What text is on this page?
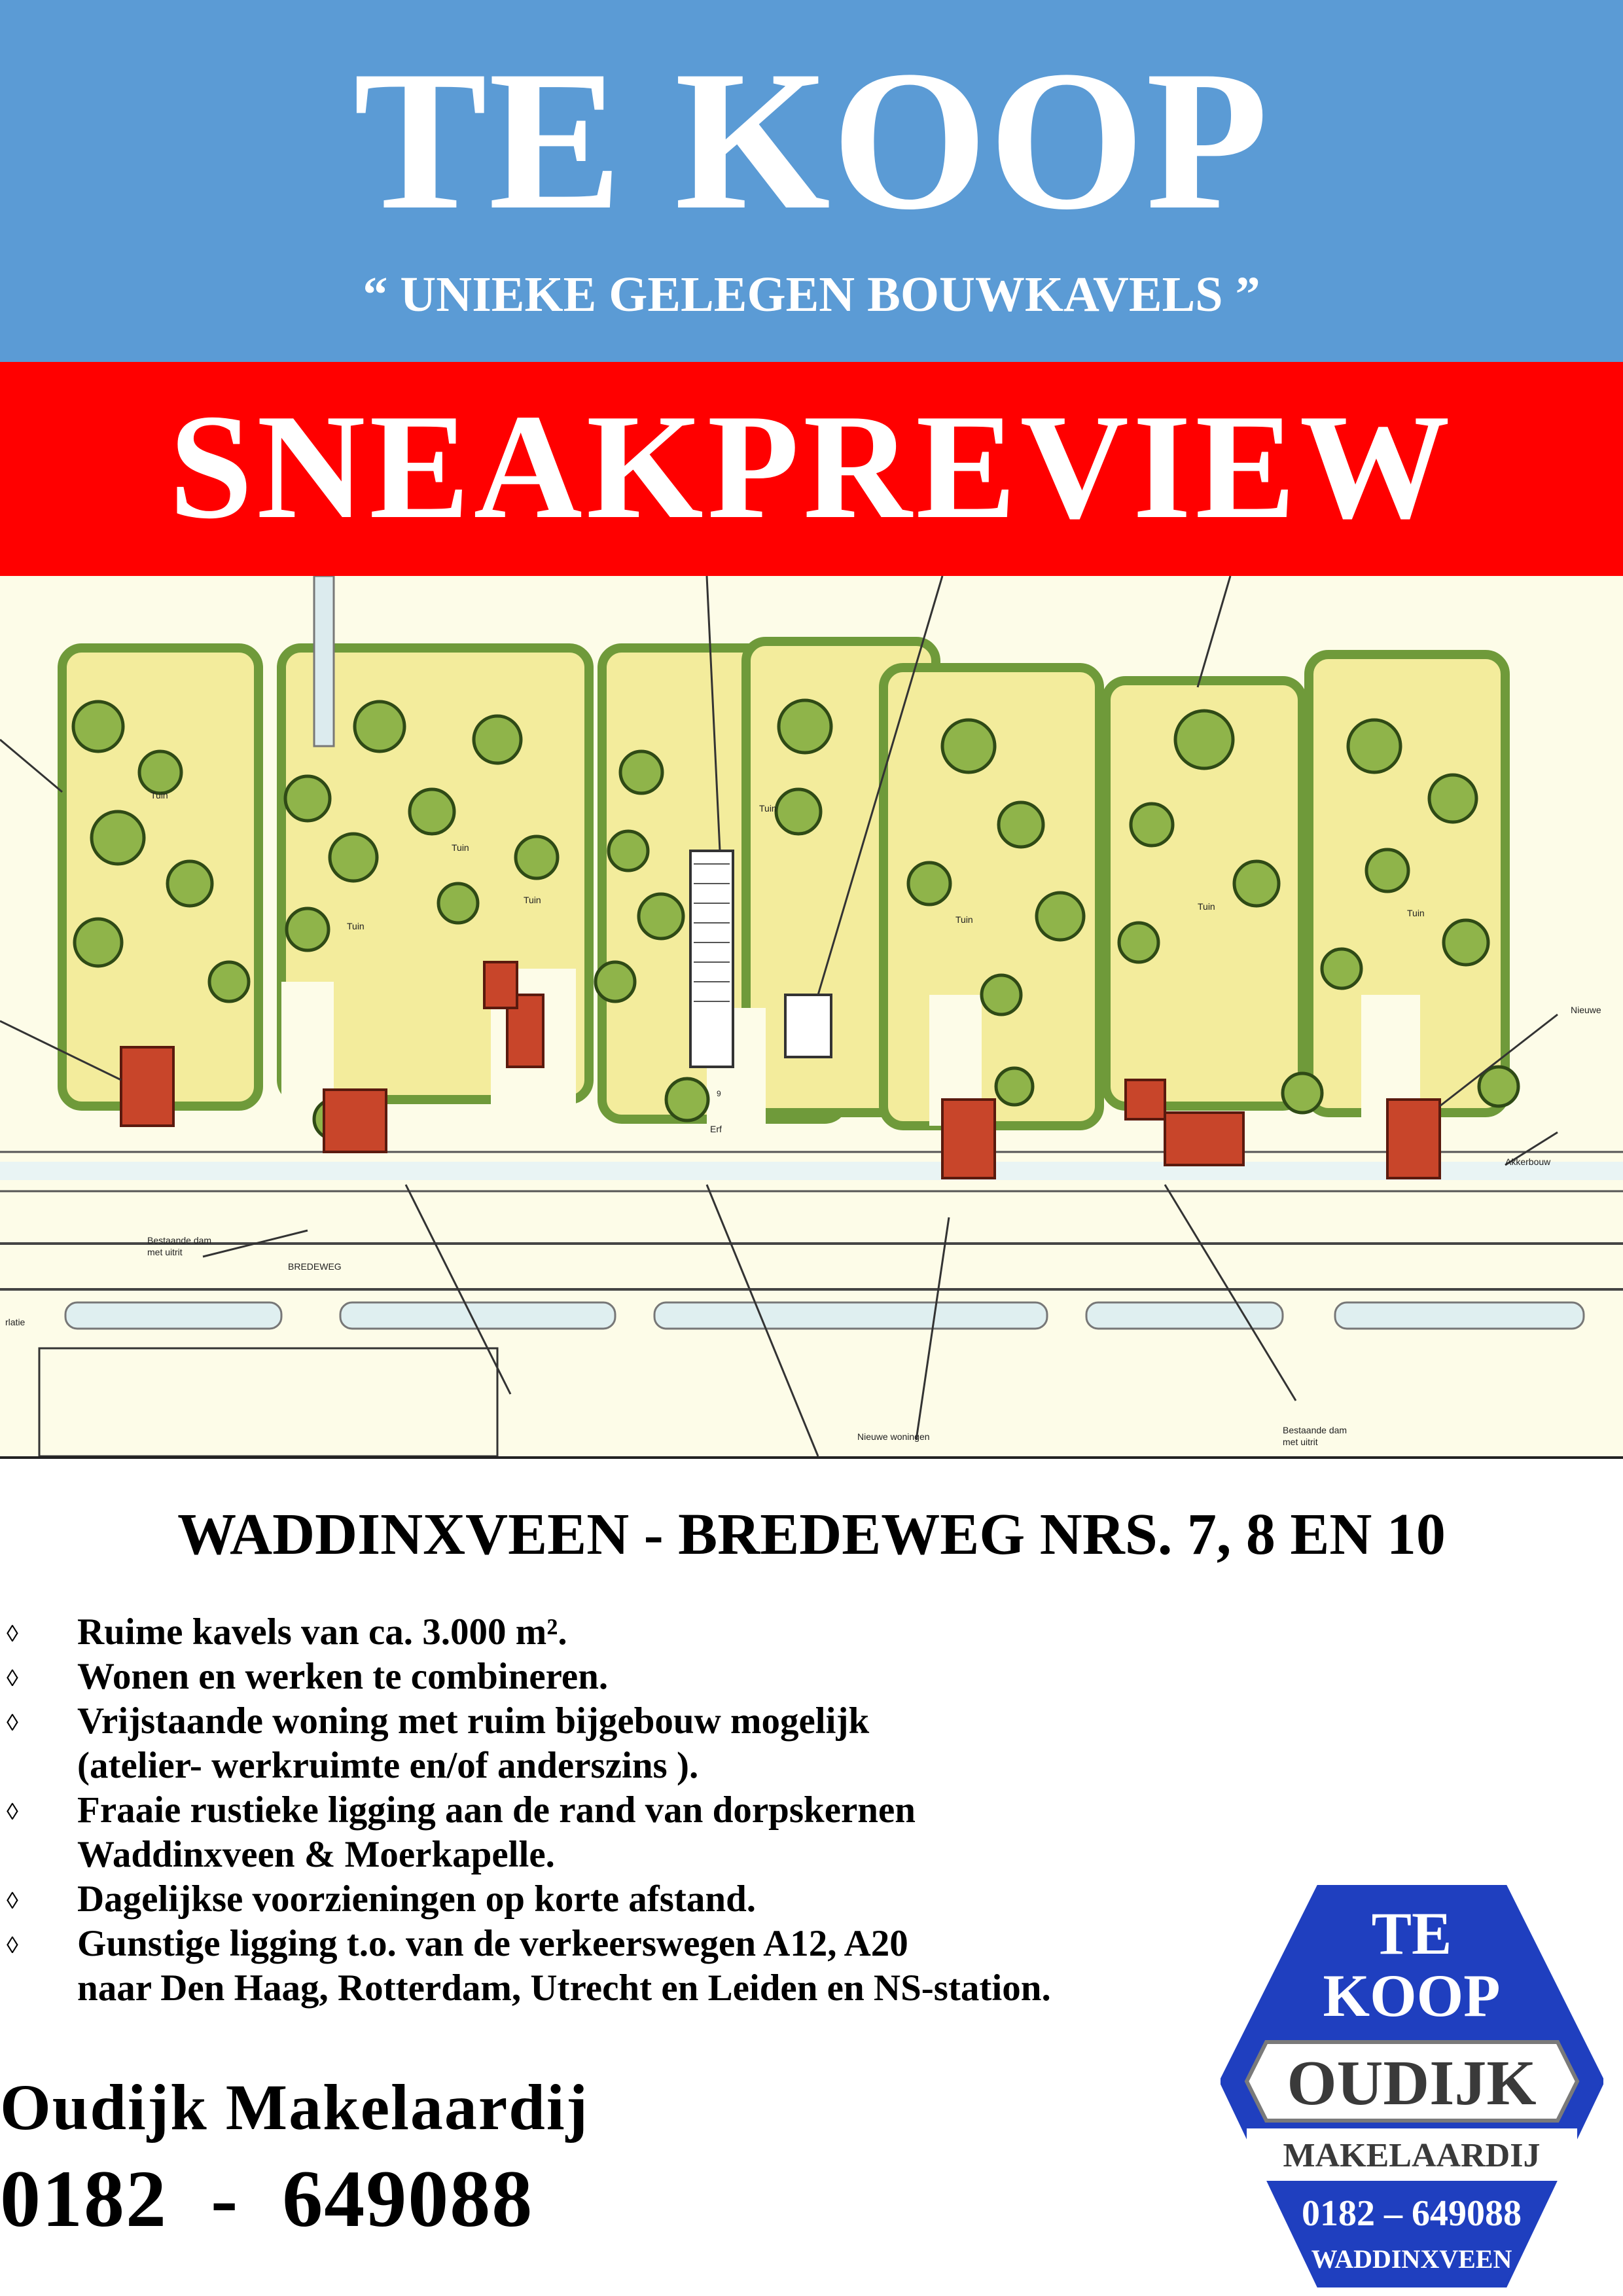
TE KOOP
“ UNIEKE GELEGEN BOUWKAVELS ”
SNEAKPREVIEW
Tuin
Tuin
Tuin
Tuin
Tuin
Tuin
Tuin
Tuin
Erf
9
Bestaande dam
met uitrit
BREDEWEG
rlatie
Nieuwe woningen
Bestaande dam
met uitrit
Akkerbouw
Nieuwe
WADDINXVEEN - BREDEWEG NRS. 7, 8 EN 10
◊ Ruime kavels van ca. 3.000 m².
◊ Wonen en werken te combineren.
◊ Vrijstaande woning met ruim bijgebouw mogelijk
(atelier- werkruimte en/of anderszins ).
◊ Fraaie rustieke ligging aan de rand van dorpskernen
Waddinxveen & Moerkapelle.
◊ Dagelijkse voorzieningen op korte afstand.
◊ Gunstige ligging t.o. van de verkeerswegen A12, A20
naar Den Haag, Rotterdam, Utrecht en Leiden en NS-station.
Oudijk Makelaardij
0182  -  649088
TE
KOOP
OUDIJK
MAKELAARDIJ
0182 – 649088
WADDINXVEEN
